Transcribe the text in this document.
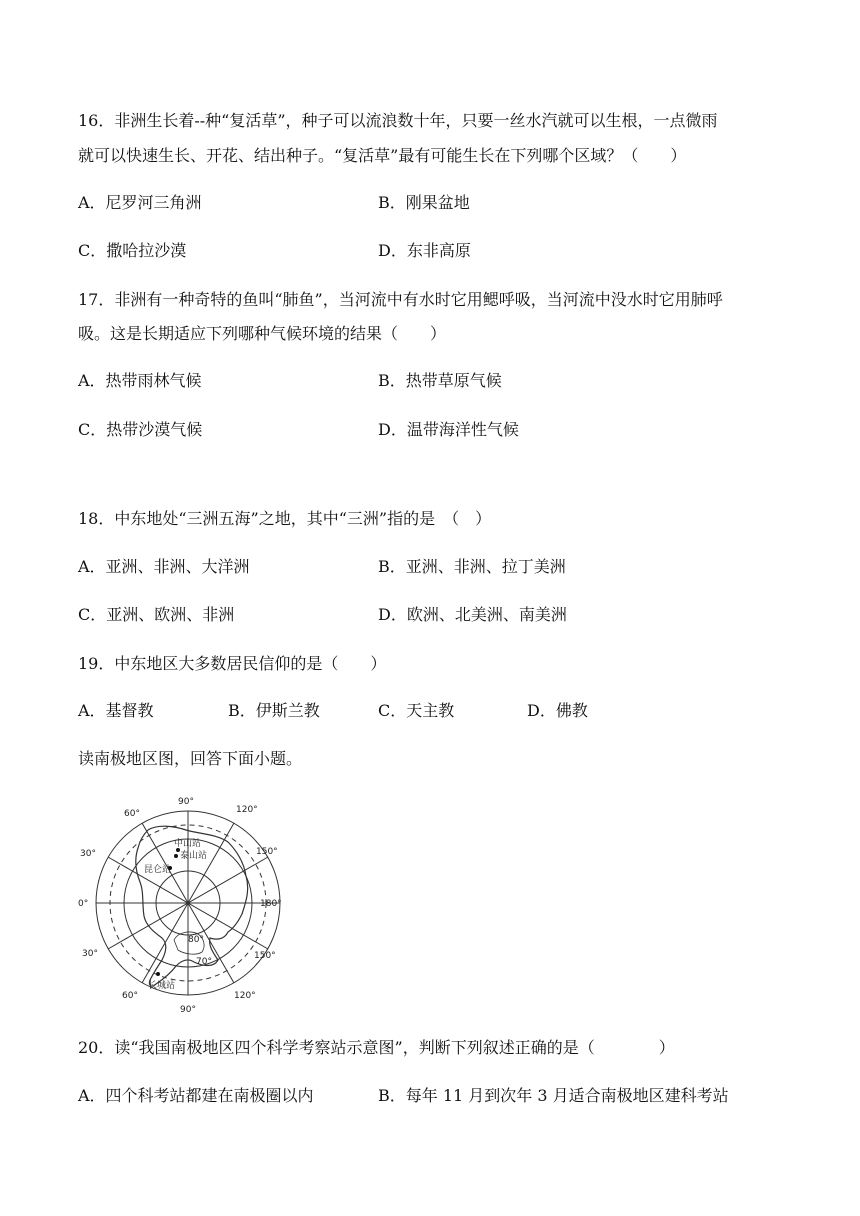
16．非洲生长着--种“复活草”，种子可以流浪数十年，只要一丝水汽就可以生根，一点微雨
就可以快速生长、开花、结出种子。“复活草”最有可能生长在下列哪个区域？（　　）
A．尼罗河三角洲	B．刚果盆地
C．撒哈拉沙漠	D．东非高原
17．非洲有一种奇特的鱼叫“肺鱼”，当河流中有水时它用鳃呼吸，当河流中没水时它用肺呼
吸。这是长期适应下列哪种气候环境的结果（　　）
A．热带雨林气候	B．热带草原气候
C．热带沙漠气候	D．温带海洋性气候
18．中东地处“三洲五海”之地，其中“三洲”指的是　（　）
A．亚洲、非洲、大洋洲	B．亚洲、非洲、拉丁美洲
C．亚洲、欧洲、非洲	D．欧洲、北美洲、南美洲
19．中东地区大多数居民信仰的是（　　）
A．基督教	B．伊斯兰教	C．天主教	D．佛教
读南极地区图，回答下面小题。
90°
120°
60°
150°
30°
0°	180°
30°	150°
60°	120°
90°
80°
70°
中山站
泰山站
昆仑站
长城站
20．读“我国南极地区四个科学考察站示意图”，判断下列叙述正确的是（　　　　）
A．四个科考站都建在南极圈以内	B．每年 11 月到次年 3 月适合南极地区建科考站
